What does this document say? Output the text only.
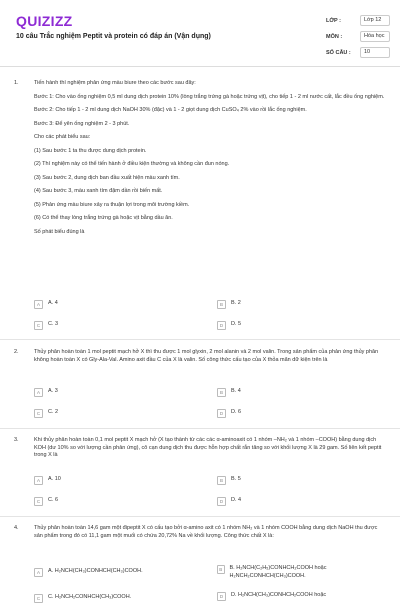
QUIZIZZ
10 câu Trắc nghiệm Peptit và protein có đáp án (Vận dụng)
LỚP :	Lớp 12
MÔN :	Hóa học
SỐ CÂU :	10
1.	Tiến hành thí nghiệm phản ứng màu biure theo các bước sau đây:

Bước 1: Cho vào ống nghiệm 0,5 ml dung dịch protein 10% (lòng trắng trứng gà hoặc trứng vịt), cho tiếp 1 - 2 ml nước cất, lắc đều ống nghiệm.

Bước 2: Cho tiếp 1 - 2 ml dung dịch NaOH 30% (đặc) và 1 - 2 giọt dung dịch CuSO₄ 2% vào rồi lắc ống nghiệm.

Bước 3: Để yên ống nghiệm 2 - 3 phút.

Cho các phát biểu sau:

(1) Sau bước 1 ta thu được dung dịch protein.

(2) Thí nghiệm này có thể tiến hành ở điều kiện thường và không cần đun nóng.

(3) Sau bước 2, dung dịch ban đầu xuất hiện màu xanh tím.

(4) Sau bước 3, màu xanh tím đậm dần rồi biến mất.

(5) Phản ứng màu biure xảy ra thuận lợi trong môi trường kiềm.

(6) Có thể thay lòng trắng trứng gà hoặc vịt bằng dầu ăn.

Số phát biểu đúng là

A	A. 4	B	B. 2
C	C. 3	D	D. 5
2.	Thủy phân hoàn toàn 1 mol peptit mạch hở X thì thu được 1 mol glyxin, 2 mol alanin và 2 mol valin. Trong sản phẩm của phản ứng thủy phân không hoàn toàn X có Gly-Ala-Val. Amino axit đầu C của X là valin. Số công thức cấu tạo của X thỏa mãn dữ kiện trên là

A	A. 3	B	B. 4
C	C. 2	D	D. 6
3.	Khi thủy phân hoàn toàn 0,1 mol peptit X mạch hở (X tạo thành từ các các α-aminoaxit có 1 nhóm –NH₂ và 1 nhóm –COOH) bằng dung dịch KOH (dư 10% so với lượng cần phản ứng), cô cạn dung dịch thu được hỗn hợp chất rắn tăng so với khối lượng X là 29 gam. Số liên kết peptit trong X là

A	A. 10	B	B. 5
C	C. 6	D	D. 4
4.	Thủy phân hoàn toàn 14,6 gam một đipeptit X có cấu tạo bởi α-amino axit có 1 nhóm NH₂ và 1 nhóm COOH bằng dung dịch NaOH thu được sản phẩm trong đó có 11,1 gam một muối có chứa 20,72% Na về khối lượng. Công thức chất X là:

A	A. H₂NCH(CH₃)CONHCH(CH₃)COOH.	B	B. H₂NCH(C₂H₅)CONHCH₂COOH hoặc H₂NCH₂CONHCH(CH₃)COOH.
C	C. H₂NCH₂CONHCH(CH₃)COOH.	D	D. H₂NCH(CH₃)CONHCH₂COOH hoặc
